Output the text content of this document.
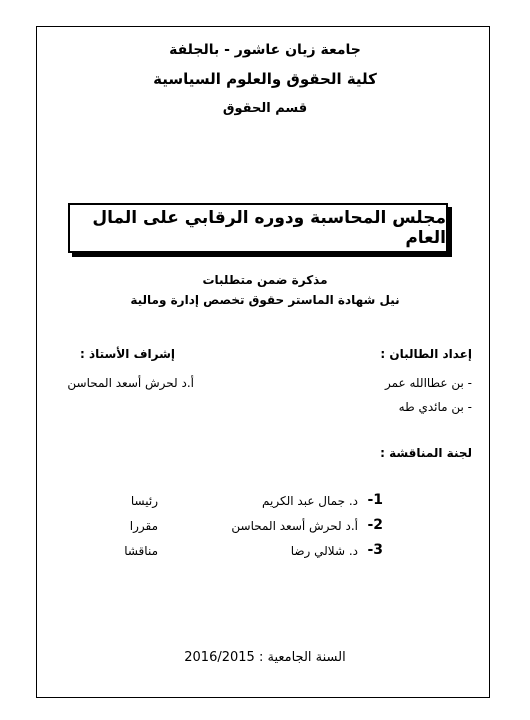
جامعة زيان عاشور - بالجلفة
كلية الحقوق والعلوم السياسية
قسم الحقوق
مجلس المحاسبة ودوره الرقابي على المال العام
مذكرة ضمن متطلبات
نيل شهادة الماستر حقوق تخصص إدارة ومالية
إعداد الطالبان :
- بن عطاالله عمر
- بن مائدي طه
إشراف الأستاذ :
أ.د لحرش أسعد المحاسن
لجنة المناقشة :
1-
د. جمال عبد الكريم
رئيسا
2-
أ.د لحرش أسعد المحاسن
مقررا
3-
د. شلالي رضا
مناقشا
السنة الجامعية : 2016/2015
